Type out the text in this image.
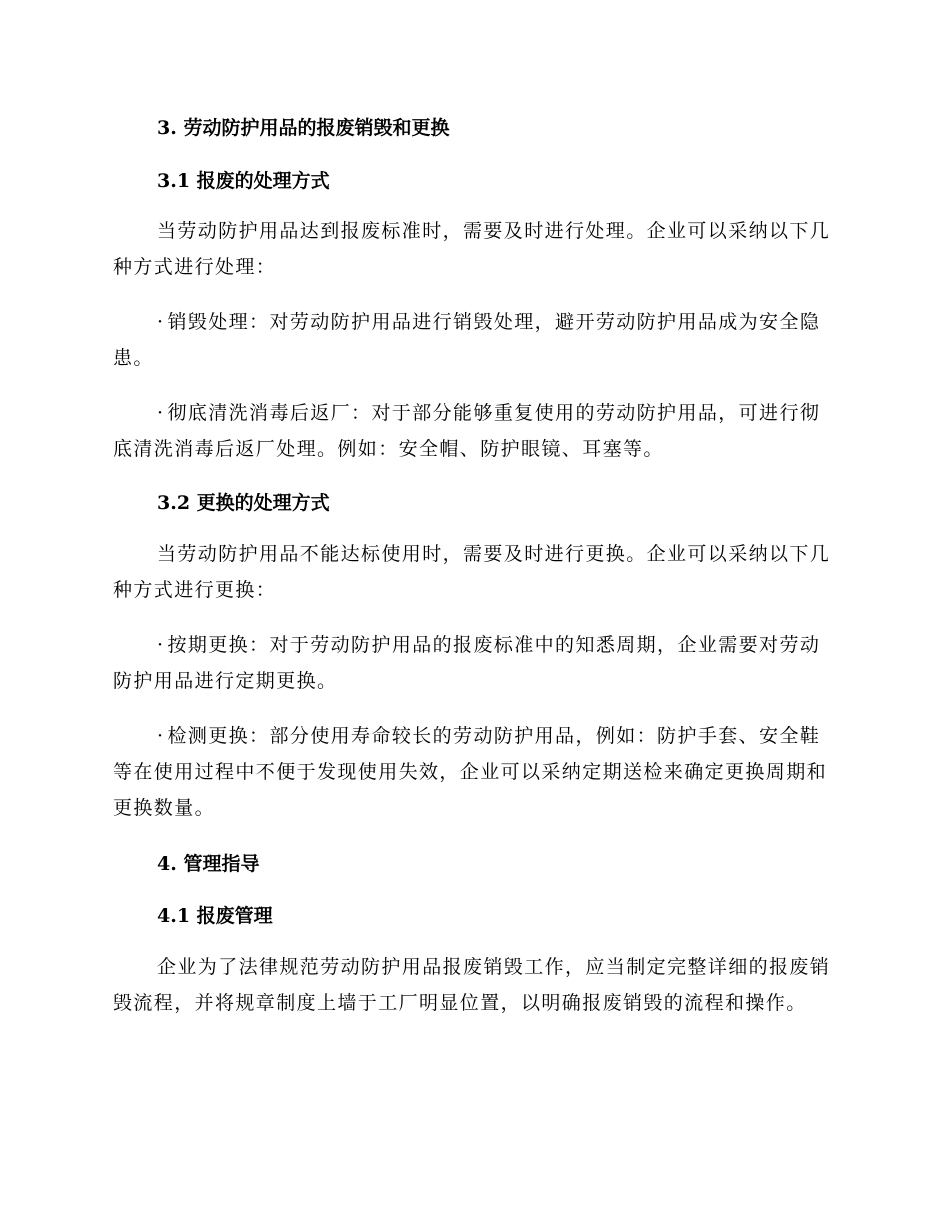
3. 劳动防护用品的报废销毁和更换
3.1 报废的处理方式

当劳动防护用品达到报废标准时，需要及时进行处理。企业可以采纳以下几种方式进行处理：

· 销毁处理：对劳动防护用品进行销毁处理，避开劳动防护用品成为安全隐患。

· 彻底清洗消毒后返厂：对于部分能够重复使用的劳动防护用品，可进行彻底清洗消毒后返厂处理。例如：安全帽、防护眼镜、耳塞等。

3.2 更换的处理方式

当劳动防护用品不能达标使用时，需要及时进行更换。企业可以采纳以下几种方式进行更换：

· 按期更换：对于劳动防护用品的报废标准中的知悉周期，企业需要对劳动防护用品进行定期更换。

· 检测更换：部分使用寿命较长的劳动防护用品，例如：防护手套、安全鞋等在使用过程中不便于发现使用失效，企业可以采纳定期送检来确定更换周期和更换数量。

4. 管理指导
4.1 报废管理

企业为了法律规范劳动防护用品报废销毁工作，应当制定完整详细的报废销毁流程，并将规章制度上墙于工厂明显位置，以明确报废销毁的流程和操作。
